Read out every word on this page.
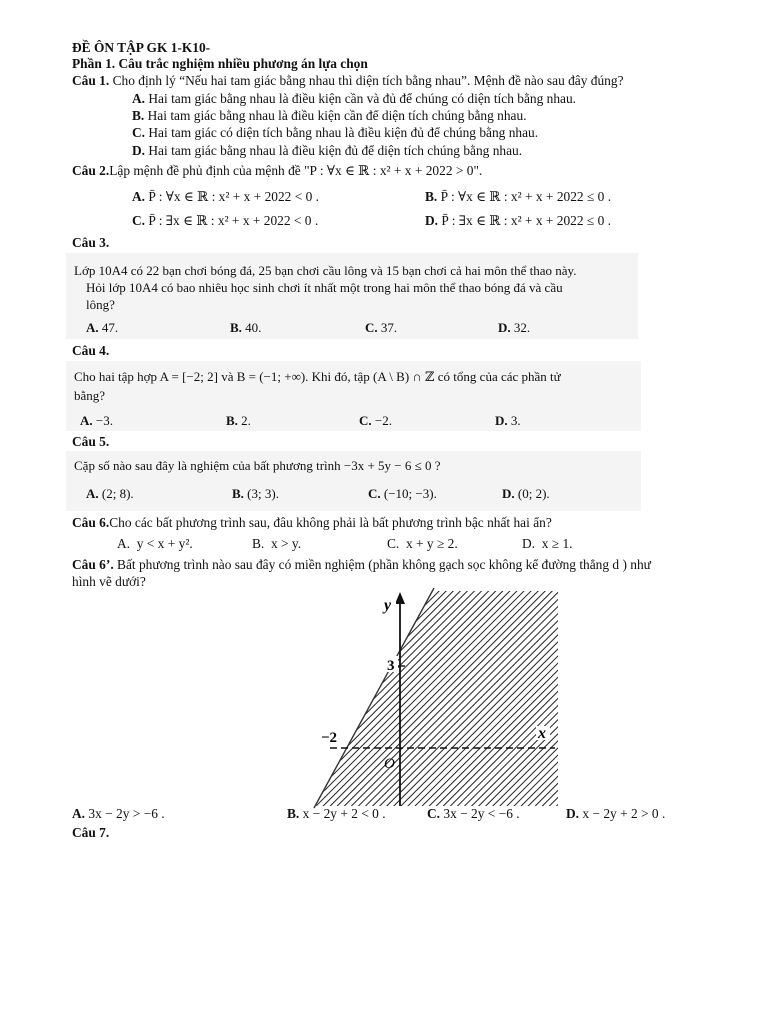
ĐỀ ÔN TẬP GK 1-K10-
Phần 1. Câu trắc nghiệm nhiều phương án lựa chọn
Câu 1. Cho định lý “Nếu hai tam giác bằng nhau thì diện tích bằng nhau”. Mệnh đề nào sau đây đúng?
A. Hai tam giác bằng nhau là điều kiện cần và đủ để chúng có diện tích bằng nhau.
B. Hai tam giác bằng nhau là điều kiện cần để diện tích chúng bằng nhau.
C. Hai tam giác có diện tích bằng nhau là điều kiện đủ để chúng bằng nhau.
D. Hai tam giác bằng nhau là điều kiện đủ để diện tích chúng bằng nhau.
Câu 2.Lập mệnh đề phủ định của mệnh đề "P : ∀x ∈ ℝ : x² + x + 2022 > 0".
A. P̄ : ∀x ∈ ℝ : x² + x + 2022 < 0 .	B. P̄ : ∀x ∈ ℝ : x² + x + 2022 ≤ 0 .
C. P̄ : ∃x ∈ ℝ : x² + x + 2022 < 0 .	D. P̄ : ∃x ∈ ℝ : x² + x + 2022 ≤ 0 .
Câu 3.
Lớp 10A4 có 22 bạn chơi bóng đá, 25 bạn chơi cầu lông và 15 bạn chơi cả hai môn thể thao này.
Hỏi lớp 10A4 có bao nhiêu học sinh chơi ít nhất một trong hai môn thể thao bóng đá và cầu
lông?
A. 47.	B. 40.	C. 37.	D. 32.
Câu 4.
Cho hai tập hợp A = [−2; 2] và B = (−1; +∞). Khi đó, tập (A \ B) ∩ ℤ có tổng của các phần tử
bằng?
A. −3.	B. 2.	C. −2.	D. 3.
Câu 5.
Cặp số nào sau đây là nghiệm của bất phương trình −3x + 5y − 6 ≤ 0 ?
A. (2; 8).	B. (3; 3).	C. (−10; −3).	D. (0; 2).
Câu 6.Cho các bất phương trình sau, đâu không phải là bất phương trình bậc nhất hai ẩn?
A. y < x + y².	B. x > y.	C. x + y ≥ 2.	D. x ≥ 1.
Câu 6’. Bất phương trình nào sau đây có miền nghiệm (phần không gạch sọc không kể đường thẳng d ) như
hình vẽ dưới?
y
3
x
−2
O
A. 3x − 2y > −6 .	B. x − 2y + 2 < 0 .	C. 3x − 2y < −6 .	D. x − 2y + 2 > 0 .
Câu 7.
